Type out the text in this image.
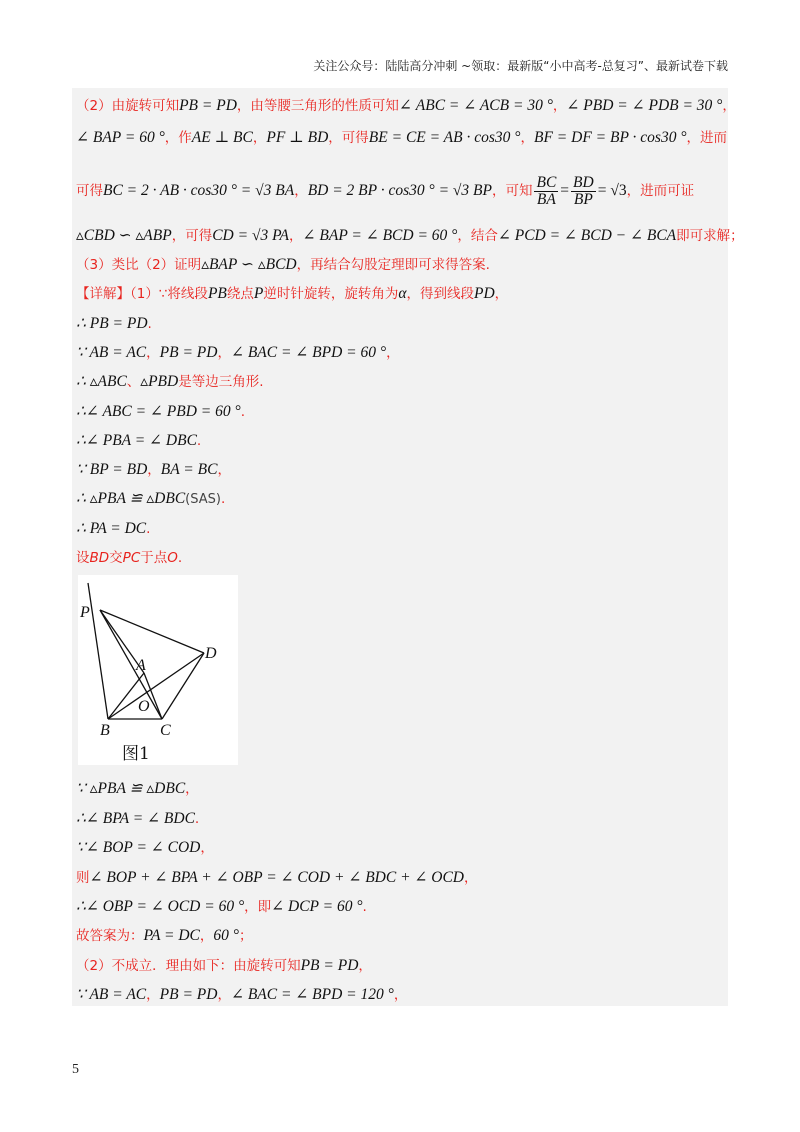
关注公众号：陆陆高分冲刺 ~领取：最新版“小中高考-总复习”、最新试卷下载
（2）由旋转可知PB = PD，由等腰三角形的性质可知∠ ABC = ∠ ACB = 30 °，∠ PBD = ∠ PDB = 30 °，
∠ BAP = 60 °，作AE ⊥ BC，PF ⊥ BD，可得BE = CE = AB · cos30 °，BF = DF = BP · cos30 °，进而
可得BC = 2 · AB · cos30 ° = √3 BA，BD = 2 BP · cos30 ° = √3 BP，可知 $\frac{BC}{BA} = \frac{BD}{BP} = √3$，进而可证
▵CBD ∽ ▵ABP，可得CD = √3 PA，∠ BAP = ∠ BCD = 60 °，结合∠ PCD = ∠ BCD − ∠ BCA即可求解；
（3）类比（2）证明▵BAP ∽ ▵BCD，再结合勾股定理即可求得答案.
【详解】（1）∵将线段PB绕点P逆时针旋转，旋转角为α，得到线段PD，
∴ PB = PD.
∵ AB = AC，PB = PD，∠ BAC = ∠ BPD = 60 °，
∴ ▵ABC、▵PBD是等边三角形.
∴∠ ABC = ∠ PBD = 60 °.
∴∠ PBA = ∠ DBC.
∵ BP = BD，BA = BC，
∴ ▵PBA ≌ ▵DBC(SAS).
∴ PA = DC.
设BD交PC于点O.
∵ ▵PBA ≌ ▵DBC，
∴∠ BPA = ∠ BDC.
∵∠ BOP = ∠ COD，
则∠ BOP + ∠ BPA + ∠ OBP = ∠ COD + ∠ BDC + ∠ OCD，
∴∠ OBP = ∠ OCD = 60 °，即∠ DCP = 60 °.
故答案为：PA = DC，60 °；
（2）不成立．理由如下：由旋转可知PB = PD，
∵ AB = AC，PB = PD，∠ BAC = ∠ BPD = 120 °，
P
D
A
O
B	C
图1
5
